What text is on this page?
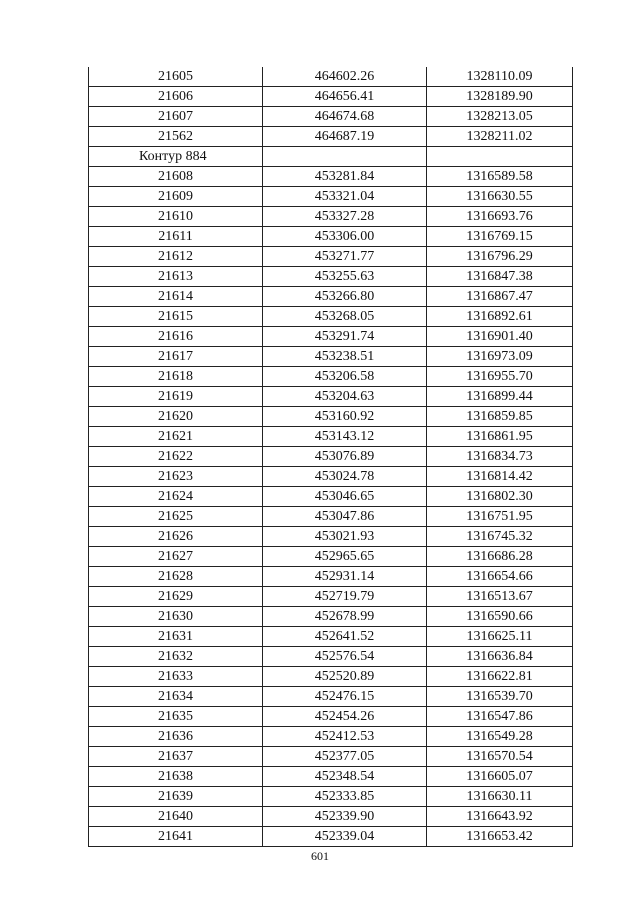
21605	464602.26	1328110.09
21606	464656.41	1328189.90
21607	464674.68	1328213.05
21562	464687.19	1328211.02
Контур 884		
21608	453281.84	1316589.58
21609	453321.04	1316630.55
21610	453327.28	1316693.76
21611	453306.00	1316769.15
21612	453271.77	1316796.29
21613	453255.63	1316847.38
21614	453266.80	1316867.47
21615	453268.05	1316892.61
21616	453291.74	1316901.40
21617	453238.51	1316973.09
21618	453206.58	1316955.70
21619	453204.63	1316899.44
21620	453160.92	1316859.85
21621	453143.12	1316861.95
21622	453076.89	1316834.73
21623	453024.78	1316814.42
21624	453046.65	1316802.30
21625	453047.86	1316751.95
21626	453021.93	1316745.32
21627	452965.65	1316686.28
21628	452931.14	1316654.66
21629	452719.79	1316513.67
21630	452678.99	1316590.66
21631	452641.52	1316625.11
21632	452576.54	1316636.84
21633	452520.89	1316622.81
21634	452476.15	1316539.70
21635	452454.26	1316547.86
21636	452412.53	1316549.28
21637	452377.05	1316570.54
21638	452348.54	1316605.07
21639	452333.85	1316630.11
21640	452339.90	1316643.92
21641	452339.04	1316653.42
601
